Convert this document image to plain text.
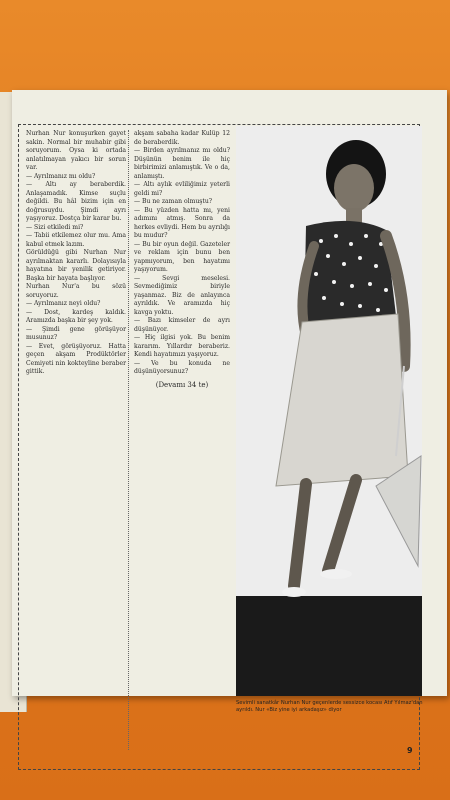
Nurhan Nur konuşurken gayet sakin. Normal bir muhabir gibi soruyorum. Oysa ki ortada anlatılmayan yakıcı bir sorun var.

— Ayrılmanız mı oldu?

— Altı ay beraberdik. Anlaşamadık. Kimse suçlu değildi. Bu hâl bizim için en doğrusuydu. Şimdi ayrı yaşıyoruz. Dostça bir karar bu.

— Sizi etkiledi mi?

— Tabii etkilemez olur mu. Ama kabul etmek lazım.

Görüldüğü gibi Nurhan Nur ayrılmaktan kararlı. Dolayısıyla hayatına bir yenilik getiriyor. Başka bir hayata başlıyor.

Nurhan Nur'a bu sözü soruyoruz.

— Ayrılmanız neyi oldu?

— Dost, kardeş kaldık. Aramızda başka bir şey yok.

— Şimdi gene görüşüyor musunuz?

— Evet, görüşüyoruz. Hatta geçen akşam Prodüktörler Cemiyeti nin kokteyline beraber gittik.

akşam sabaha kadar Kulüp 12 de beraberdik.

— Birden ayrılmanız mı oldu? Düşünün benim ile hiç birbirimizi anlamıştık. Ve o da, anlamıştı.

— Altı aylık evliliğimiz yeterli geldi mi?

— Bu ne zaman olmuştu?

— Bu yüzden hatta mı, yeni adımını atmış. Sonra da herkes evliydi. Hem bu ayrılığı bu mudur?

— Bu bir oyun değil. Gazeteler ve reklam için bunu ben yapmıyorum, ben hayatımı yaşıyorum.

— Sevgi meselesi. Sevmediğimiz biriyle yaşanmaz. Biz de anlayınca ayrıldık. Ve aramızda hiç kavga yoktu.

— Bazı kimseler de ayrı düşünüyor.

— Hiç ilgisi yok. Bu benim kararım. Yıllardır beraberiz. Kendi hayatımızı yaşıyoruz.

— Ve bu konuda ne düşünüyorsunuz?

(Devamı 34 te)

Sevimli sanatkâr Nurhan Nur geçenlerde sessizce kocası Atıf Yılmaz'dan ayrıldı. Nur «Biz yine iyi arkadaşız» diyor
9
